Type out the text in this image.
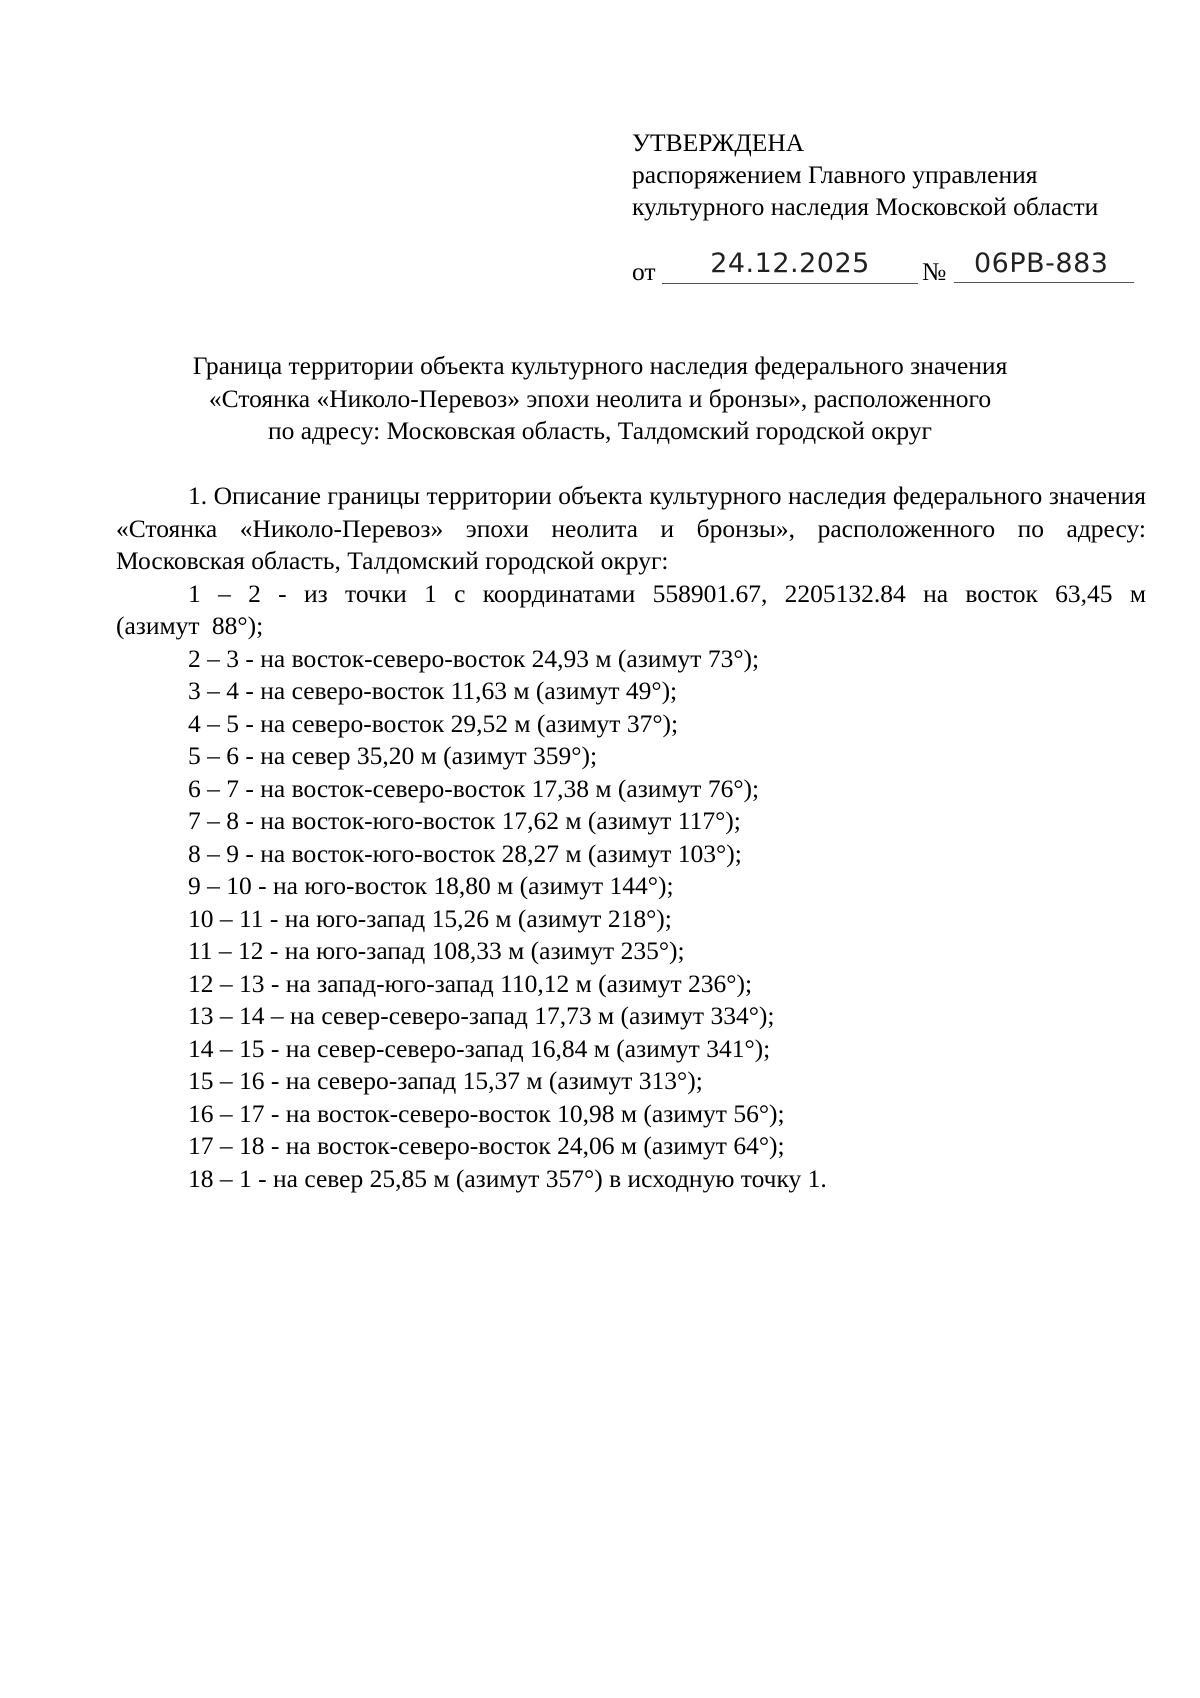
УТВЕРЖДЕНА
распоряжением Главного управления
культурного наследия Московской области
от	24.12.2025	№	06РВ-883
Граница территории объекта культурного наследия федерального значения
«Стоянка «Николо-Перевоз» эпохи неолита и бронзы», расположенного
по адресу: Московская область, Талдомский городской округ

1. Описание границы территории объекта культурного наследия федерального значения «Стоянка «Николо-Перевоз» эпохи неолита и бронзы», расположенного по адресу: Московская область, Талдомский городской округ:

1 – 2 - из точки 1 с координатами 558901.67, 2205132.84 на восток 63,45 м (азимут 88°);

2 – 3 - на восток-северо-восток 24,93 м (азимут 73°);

3 – 4 - на северо-восток 11,63 м (азимут 49°);

4 – 5 - на северо-восток 29,52 м (азимут 37°);

5 – 6 - на север 35,20 м (азимут 359°);

6 – 7 - на восток-северо-восток 17,38 м (азимут 76°);

7 – 8 - на восток-юго-восток 17,62 м (азимут 117°);

8 – 9 - на восток-юго-восток 28,27 м (азимут 103°);

9 – 10 - на юго-восток 18,80 м (азимут 144°);

10 – 11 - на юго-запад 15,26 м (азимут 218°);

11 – 12 - на юго-запад 108,33 м (азимут 235°);

12 – 13 - на запад-юго-запад 110,12 м (азимут 236°);

13 – 14 – на север-северо-запад 17,73 м (азимут 334°);

14 – 15 - на север-северо-запад 16,84 м (азимут 341°);

15 – 16 - на северо-запад 15,37 м (азимут 313°);

16 – 17 - на восток-северо-восток 10,98 м (азимут 56°);

17 – 18 - на восток-северо-восток 24,06 м (азимут 64°);

18 – 1 - на север 25,85 м (азимут 357°) в исходную точку 1.
